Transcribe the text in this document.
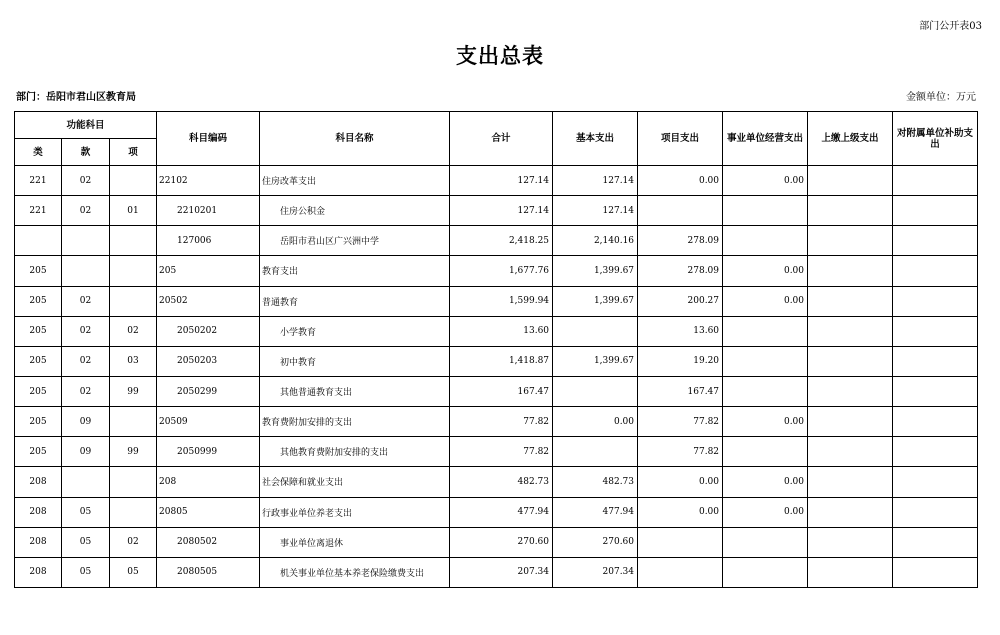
部门公开表03
支出总表
部门：岳阳市君山区教育局	金额单位：万元
功能科目			科目编码	科目名称	合计	基本支出	项目支出	事业单位经营支出	上缴上级支出	对附属单位补助支出
类	款	项								
221	02		22102	住房改革支出	127.14	127.14	0.00	0.00		
221	02	01	2210201	住房公积金	127.14	127.14				
			127006	岳阳市君山区广兴洲中学	2,418.25	2,140.16	278.09			
205			205	教育支出	1,677.76	1,399.67	278.09	0.00		
205	02		20502	普通教育	1,599.94	1,399.67	200.27	0.00		
205	02	02	2050202	小学教育	13.60		13.60			
205	02	03	2050203	初中教育	1,418.87	1,399.67	19.20			
205	02	99	2050299	其他普通教育支出	167.47		167.47			
205	09		20509	教育费附加安排的支出	77.82	0.00	77.82	0.00		
205	09	99	2050999	其他教育费附加安排的支出	77.82		77.82			
208			208	社会保障和就业支出	482.73	482.73	0.00	0.00		
208	05		20805	行政事业单位养老支出	477.94	477.94	0.00	0.00		
208	05	02	2080502	事业单位离退休	270.60	270.60				
208	05	05	2080505	机关事业单位基本养老保险缴费支出	207.34	207.34				
